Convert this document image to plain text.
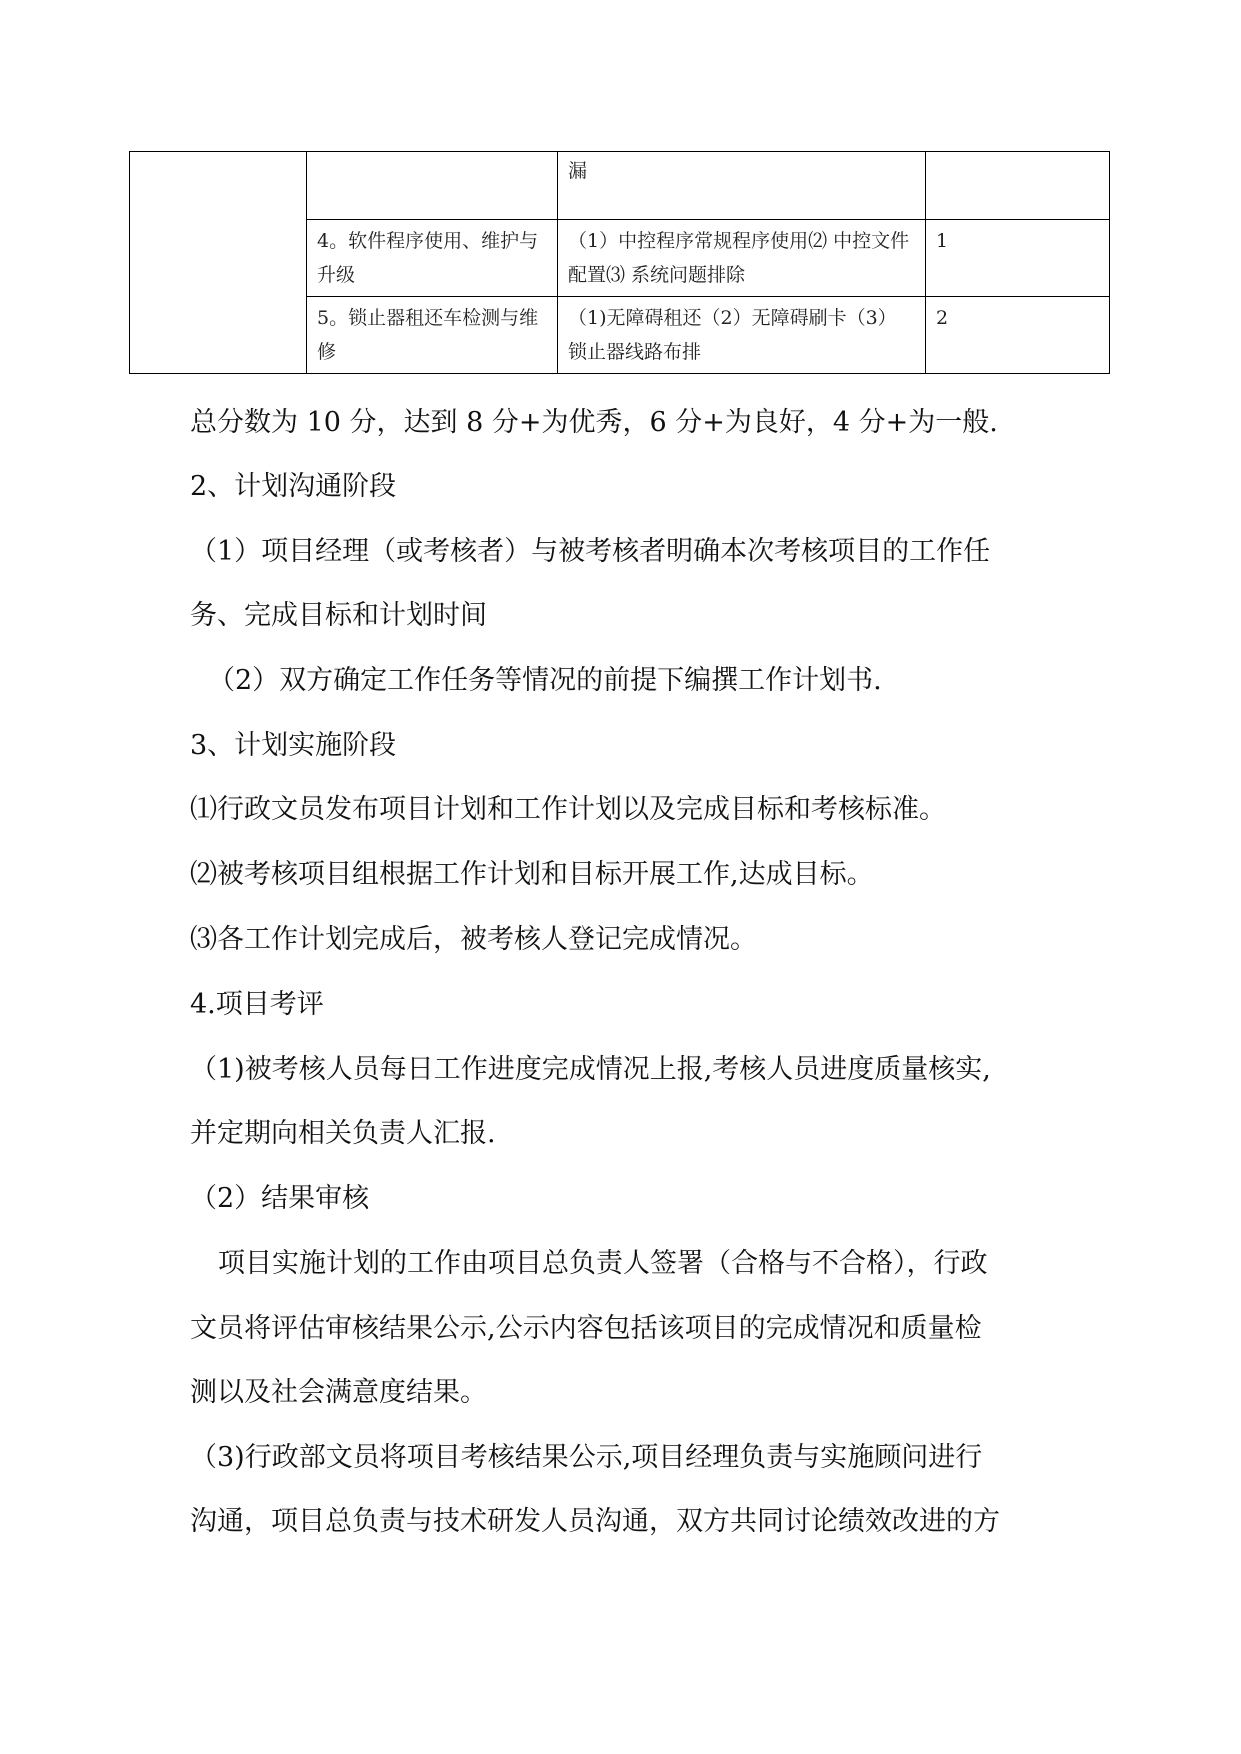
		漏	
	4。软件程序使用、维护与升级	（1）中控程序常规程序使用⑵ 中控文件配置⑶ 系统问题排除	1
	5。锁止器租还车检测与维修	（1)无障碍租还（2）无障碍刷卡（3）锁止器线路布排	2
总分数为 10 分，达到 8 分+为优秀，6 分+为良好，4 分+为一般.
2、计划沟通阶段
（1）项目经理（或考核者）与被考核者明确本次考核项目的工作任
务、完成目标和计划时间
（2）双方确定工作任务等情况的前提下编撰工作计划书.
3、计划实施阶段
⑴行政文员发布项目计划和工作计划以及完成目标和考核标准。
⑵被考核项目组根据工作计划和目标开展工作,达成目标。
⑶各工作计划完成后，被考核人登记完成情况。
4.项目考评
（1)被考核人员每日工作进度完成情况上报,考核人员进度质量核实,
并定期向相关负责人汇报.
（2）结果审核
项目实施计划的工作由项目总负责人签署（合格与不合格），行政
文员将评估审核结果公示,公示内容包括该项目的完成情况和质量检
测以及社会满意度结果。
（3)行政部文员将项目考核结果公示,项目经理负责与实施顾问进行
沟通，项目总负责与技术研发人员沟通，双方共同讨论绩效改进的方
